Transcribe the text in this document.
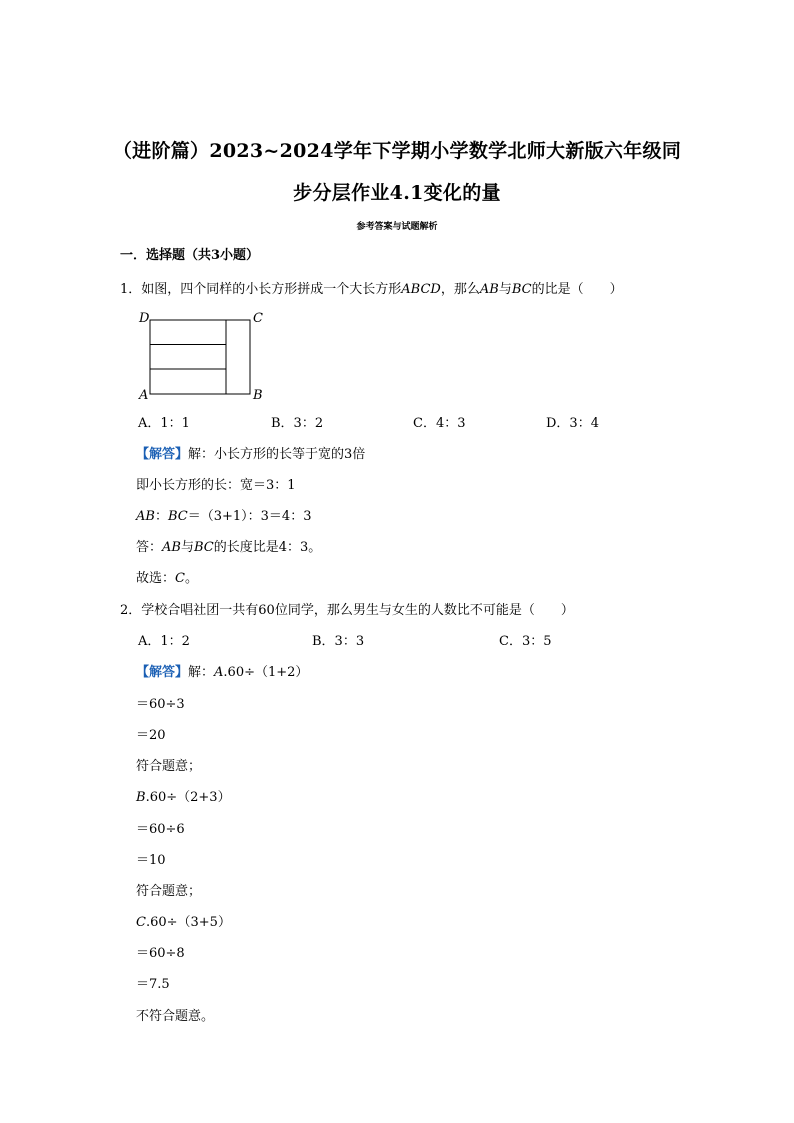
（进阶篇）2023~2024学年下学期小学数学北师大新版六年级同
步分层作业4.1变化的量
参考答案与试题解析
一．选择题（共3小题）
1．如图，四个同样的小长方形拼成一个大长方形ABCD，那么AB与BC的比是（　　）
D	C
A	B
A．1：1	B．3：2	C．4：3	D．3：4
【解答】解：小长方形的长等于宽的3倍
即小长方形的长：宽＝3：1
AB：BC＝（3+1）：3＝4：3
答：AB与BC的长度比是4：3。
故选：C。
2．学校合唱社团一共有60位同学，那么男生与女生的人数比不可能是（　　）
A．1：2	B．3：3	C．3：5
【解答】解：A.60÷（1+2）
＝60÷3
＝20
符合题意；
B.60÷（2+3）
＝60÷6
＝10
符合题意；
C.60÷（3+5）
＝60÷8
＝7.5
不符合题意。
